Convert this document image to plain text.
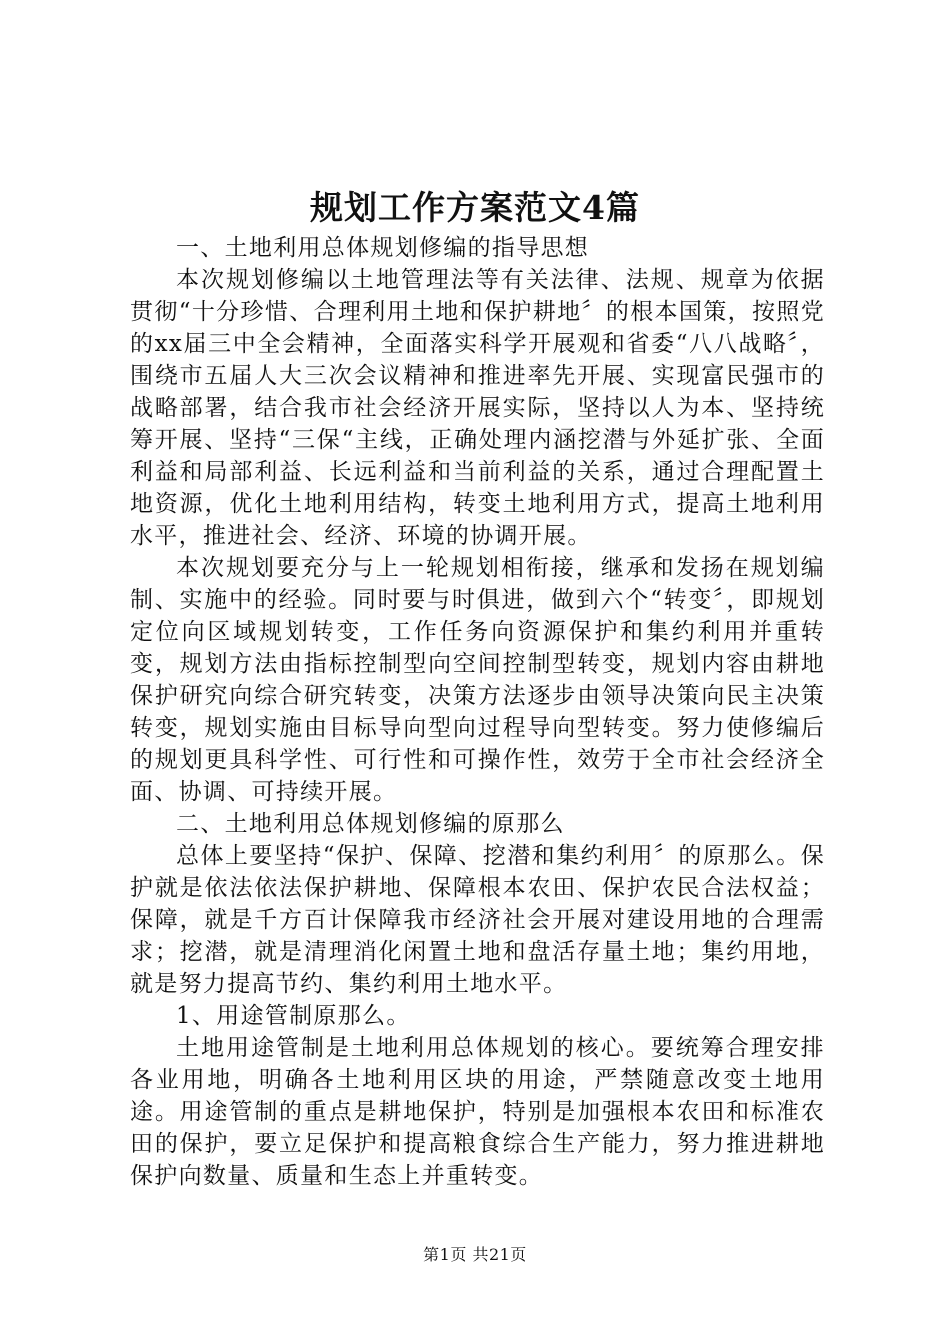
规划工作方案范文4篇

一、土地利用总体规划修编的指导思想

本次规划修编以土地管理法等有关法律、法规、规章为依据贯彻“十分珍惜、合理利用土地和保护耕地〞的根本国策，按照党的xx届三中全会精神，全面落实科学开展观和省委“八八战略〞，围绕市五届人大三次会议精神和推进率先开展、实现富民强市的战略部署，结合我市社会经济开展实际，坚持以人为本、坚持统筹开展、坚持“三保“主线，正确处理内涵挖潜与外延扩张、全面利益和局部利益、长远利益和当前利益的关系，通过合理配置土地资源，优化土地利用结构，转变土地利用方式，提高土地利用水平，推进社会、经济、环境的协调开展。

本次规划要充分与上一轮规划相衔接，继承和发扬在规划编制、实施中的经验。同时要与时俱进，做到六个“转变〞，即规划定位向区域规划转变，工作任务向资源保护和集约利用并重转变，规划方法由指标控制型向空间控制型转变，规划内容由耕地保护研究向综合研究转变，决策方法逐步由领导决策向民主决策转变，规划实施由目标导向型向过程导向型转变。努力使修编后的规划更具科学性、可行性和可操作性，效劳于全市社会经济全面、协调、可持续开展。

二、土地利用总体规划修编的原那么

总体上要坚持“保护、保障、挖潜和集约利用〞的原那么。保护就是依法依法保护耕地、保障根本农田、保护农民合法权益；保障，就是千方百计保障我市经济社会开展对建设用地的合理需求；挖潜，就是清理消化闲置土地和盘活存量土地；集约用地，就是努力提高节约、集约利用土地水平。

1、用途管制原那么。

土地用途管制是土地利用总体规划的核心。要统筹合理安排各业用地，明确各土地利用区块的用途，严禁随意改变土地用途。用途管制的重点是耕地保护，特别是加强根本农田和标准农田的保护，要立足保护和提高粮食综合生产能力，努力推进耕地保护向数量、质量和生态上并重转变。

第1页 共21页
